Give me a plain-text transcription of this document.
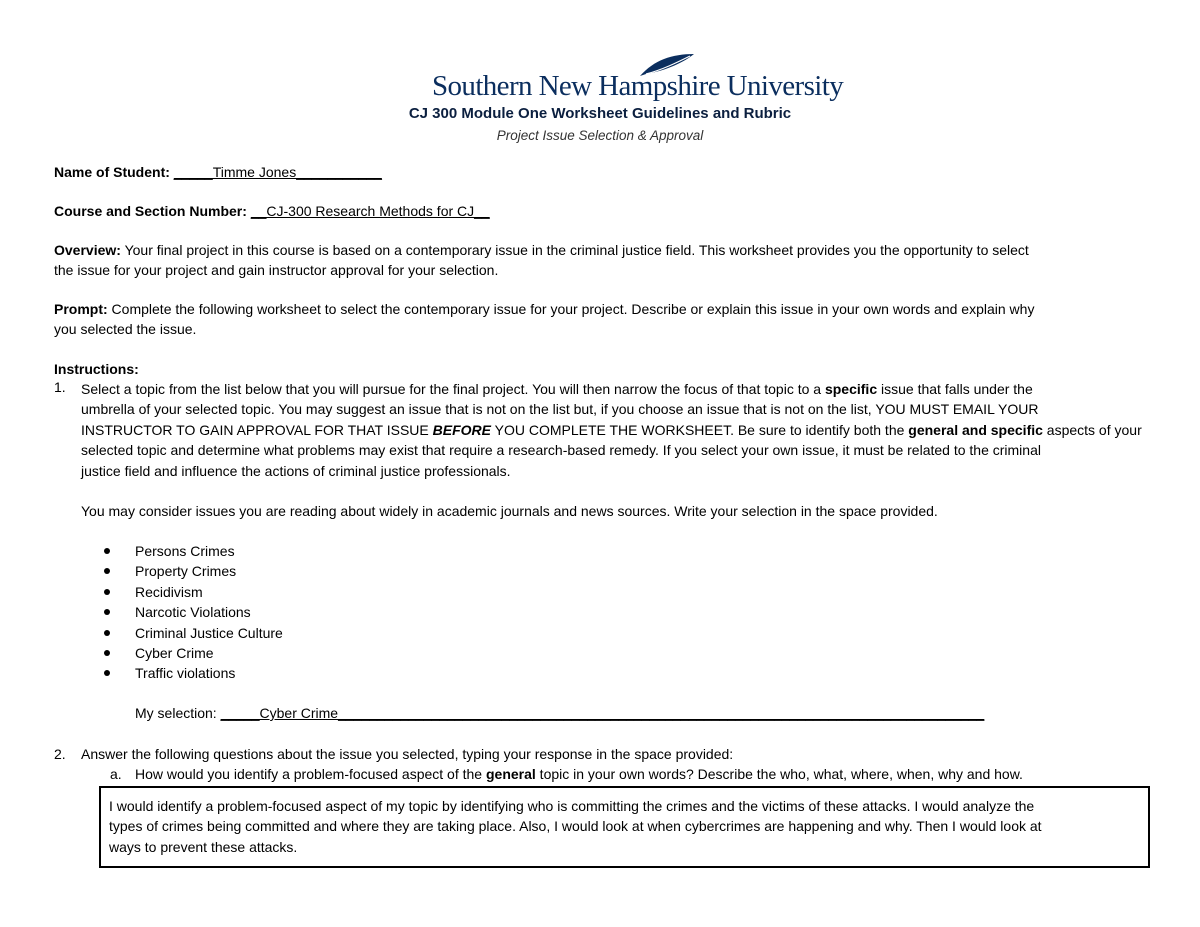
Southern New Hampshire University
CJ 300 Module One Worksheet Guidelines and Rubric
Project Issue Selection & Approval
Name of Student: _____Timme Jones___________
Course and Section Number: __CJ-300 Research Methods for CJ__
Overview: Your final project in this course is based on a contemporary issue in the criminal justice field. This worksheet provides you the opportunity to select
the issue for your project and gain instructor approval for your selection.
Prompt: Complete the following worksheet to select the contemporary issue for your project. Describe or explain this issue in your own words and explain why
you selected the issue.
Instructions:
1. Select a topic from the list below that you will pursue for the final project. You will then narrow the focus of that topic to a specific issue that falls under the
umbrella of your selected topic. You may suggest an issue that is not on the list but, if you choose an issue that is not on the list, YOU MUST EMAIL YOUR
INSTRUCTOR TO GAIN APPROVAL FOR THAT ISSUE BEFORE YOU COMPLETE THE WORKSHEET. Be sure to identify both the general and specific aspects of your
selected topic and determine what problems may exist that require a research-based remedy. If you select your own issue, it must be related to the criminal
justice field and influence the actions of criminal justice professionals.
You may consider issues you are reading about widely in academic journals and news sources. Write your selection in the space provided.
Persons Crimes
Property Crimes
Recidivism
Narcotic Violations
Criminal Justice Culture
Cyber Crime
Traffic violations
My selection: _____Cyber Crime___________________________________________________________________________________
2. Answer the following questions about the issue you selected, typing your response in the space provided:
a. How would you identify a problem-focused aspect of the general topic in your own words? Describe the who, what, where, when, why and how.
I would identify a problem-focused aspect of my topic by identifying who is committing the crimes and the victims of these attacks. I would analyze the
types of crimes being committed and where they are taking place. Also, I would look at when cybercrimes are happening and why. Then I would look at
ways to prevent these attacks.
